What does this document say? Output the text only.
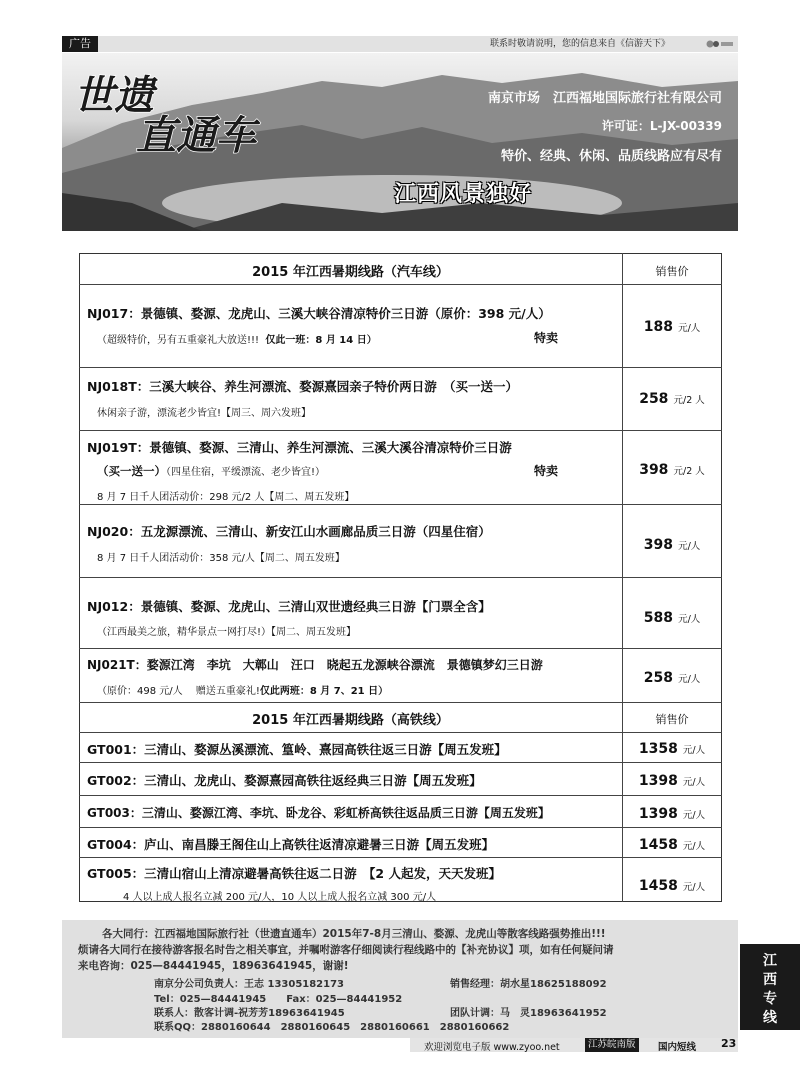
广告	联系时敬请说明，您的信息来自《信游天下》
世遗
直通车
南京市场　江西福地国际旅行社有限公司
许可证：L-JX-00339
特价、经典、休闲、品质线路应有尽有
江西风景独好
2015 年江西暑期线路（汽车线）	销售价
NJ017：景德镇、婺源、龙虎山、三溪大峡谷清凉特价三日游（原价：398 元/人）
（超级特价，另有五重豪礼大放送!!! 仅此一班：8 月 14 日）	特卖
188 元/人
NJ018T：三溪大峡谷、养生河漂流、婺源熹园亲子特价两日游　（买一送一）
休闲亲子游，漂流老少皆宜!【周三、周六发班】
258 元/2 人
NJ019T：景德镇、婺源、三清山、养生河漂流、三溪大溪谷清凉特价三日游
（买一送一）（四星住宿，平缓漂流、老少皆宜!）	特卖
8 月 7 日千人团活动价：298 元/2 人【周二、周五发班】
398 元/2 人
NJ020：五龙源漂流、三清山、新安江山水画廊品质三日游（四星住宿）
8 月 7 日千人团活动价：358 元/人【周二、周五发班】
398 元/人
NJ012：景德镇、婺源、龙虎山、三清山双世遗经典三日游【门票全含】
（江西最美之旅，精华景点一网打尽!）【周二、周五发班】
588 元/人
NJ021T：婺源江湾　李坑　大鄣山　汪口　晓起五龙源峡谷漂流　景德镇梦幻三日游
（原价：498 元/人　 赠送五重豪礼!仅此两班：8 月 7、21 日）
258 元/人
2015 年江西暑期线路（高铁线）	销售价
GT001：三清山、婺源丛溪漂流、篁岭、熹园高铁往返三日游【周五发班】	1358 元/人
GT002：三清山、龙虎山、婺源熹园高铁往返经典三日游【周五发班】	1398 元/人
GT003：三清山、婺源江湾、李坑、卧龙谷、彩虹桥高铁往返品质三日游【周五发班】	1398 元/人
GT004：庐山、南昌滕王阁住山上高铁往返清凉避暑三日游【周五发班】	1458 元/人
GT005：三清山宿山上清凉避暑高铁往返二日游　【2 人起发，天天发班】
4 人以上成人报名立减 200 元/人，10 人以上成人报名立减 300 元/人
1458 元/人
各大同行：江西福地国际旅行社（世遗直通车）2015年7-8月三清山、婺源、龙虎山等散客线路强势推出!!!
烦请各大同行在接待游客报名时告之相关事宜，并嘱咐游客仔细阅读行程线路中的【补充协议】项，如有任何疑问请
来电咨询：025—84441945，18963641945，谢谢!
南京分公司负责人：王志 13305182173	销售经理：胡水星18625188092
Tel：025—84441945　　Fax：025—84441952
联系人：散客计调-祝芳芳18963641945	团队计调：马　灵18963641952
联系QQ：2880160644　2880160645　2880160661　2880160662
江
西
专
线
欢迎浏览电子版 www.zyoo.net	江苏皖南版	国内短线 23
